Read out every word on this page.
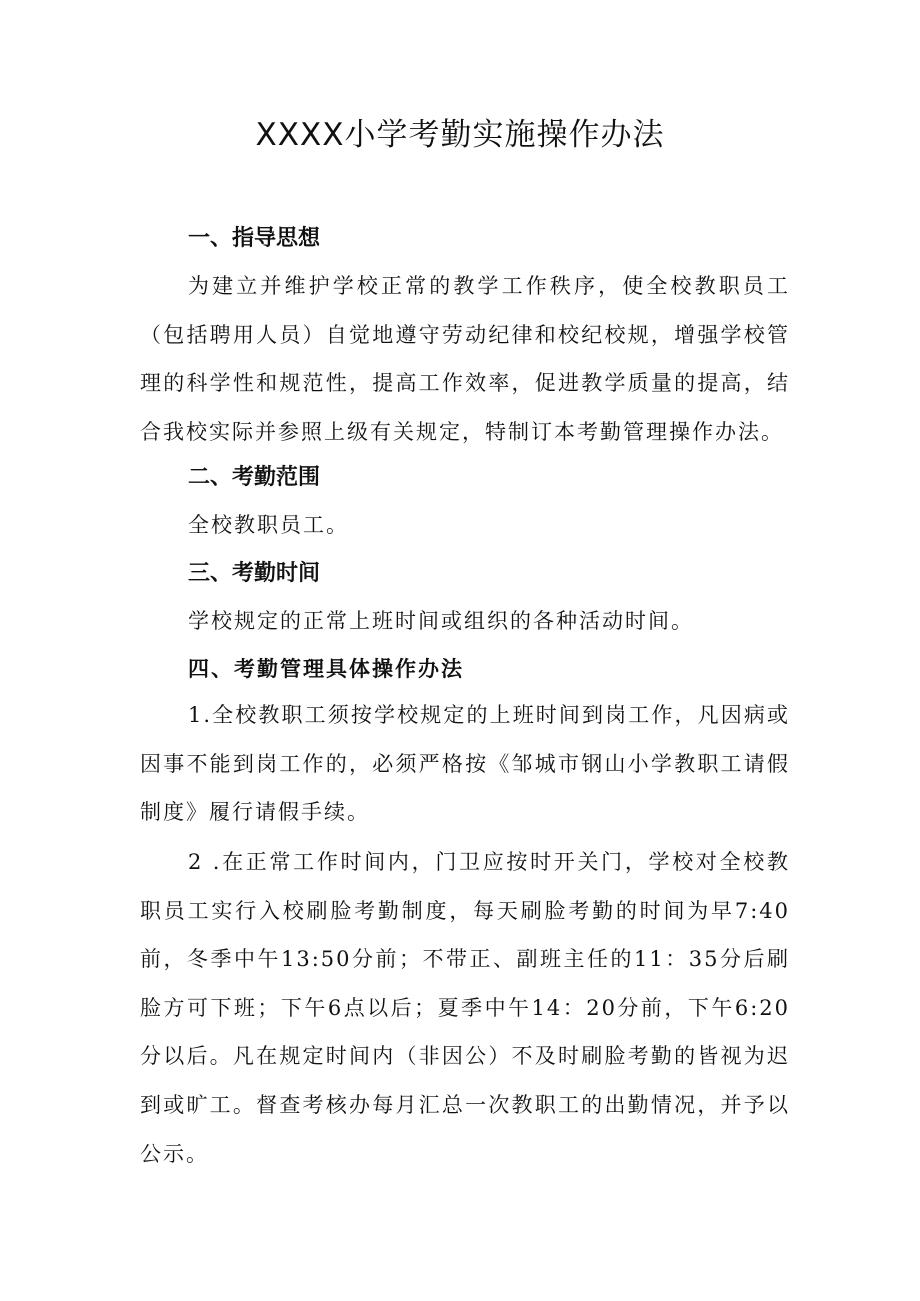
XXXX小学考勤实施操作办法
一、指导思想

为建立并维护学校正常的教学工作秩序，使全校教职员工（包括聘用人员）自觉地遵守劳动纪律和校纪校规，增强学校管理的科学性和规范性，提高工作效率，促进教学质量的提高，结合我校实际并参照上级有关规定，特制订本考勤管理操作办法。

二、考勤范围

全校教职员工。

三、考勤时间

学校规定的正常上班时间或组织的各种活动时间。

四、考勤管理具体操作办法

1.全校教职工须按学校规定的上班时间到岗工作，凡因病或因事不能到岗工作的，必须严格按《邹城市钢山小学教职工请假制度》履行请假手续。

2 .在正常工作时间内，门卫应按时开关门，学校对全校教职员工实行入校刷脸考勤制度，每天刷脸考勤的时间为早7:40前，冬季中午13:50分前；不带正、副班主任的11：35分后刷脸方可下班；下午6点以后；夏季中午14：20分前，下午6:20分以后。凡在规定时间内（非因公）不及时刷脸考勤的皆视为迟到或旷工。督查考核办每月汇总一次教职工的出勤情况，并予以公示。
